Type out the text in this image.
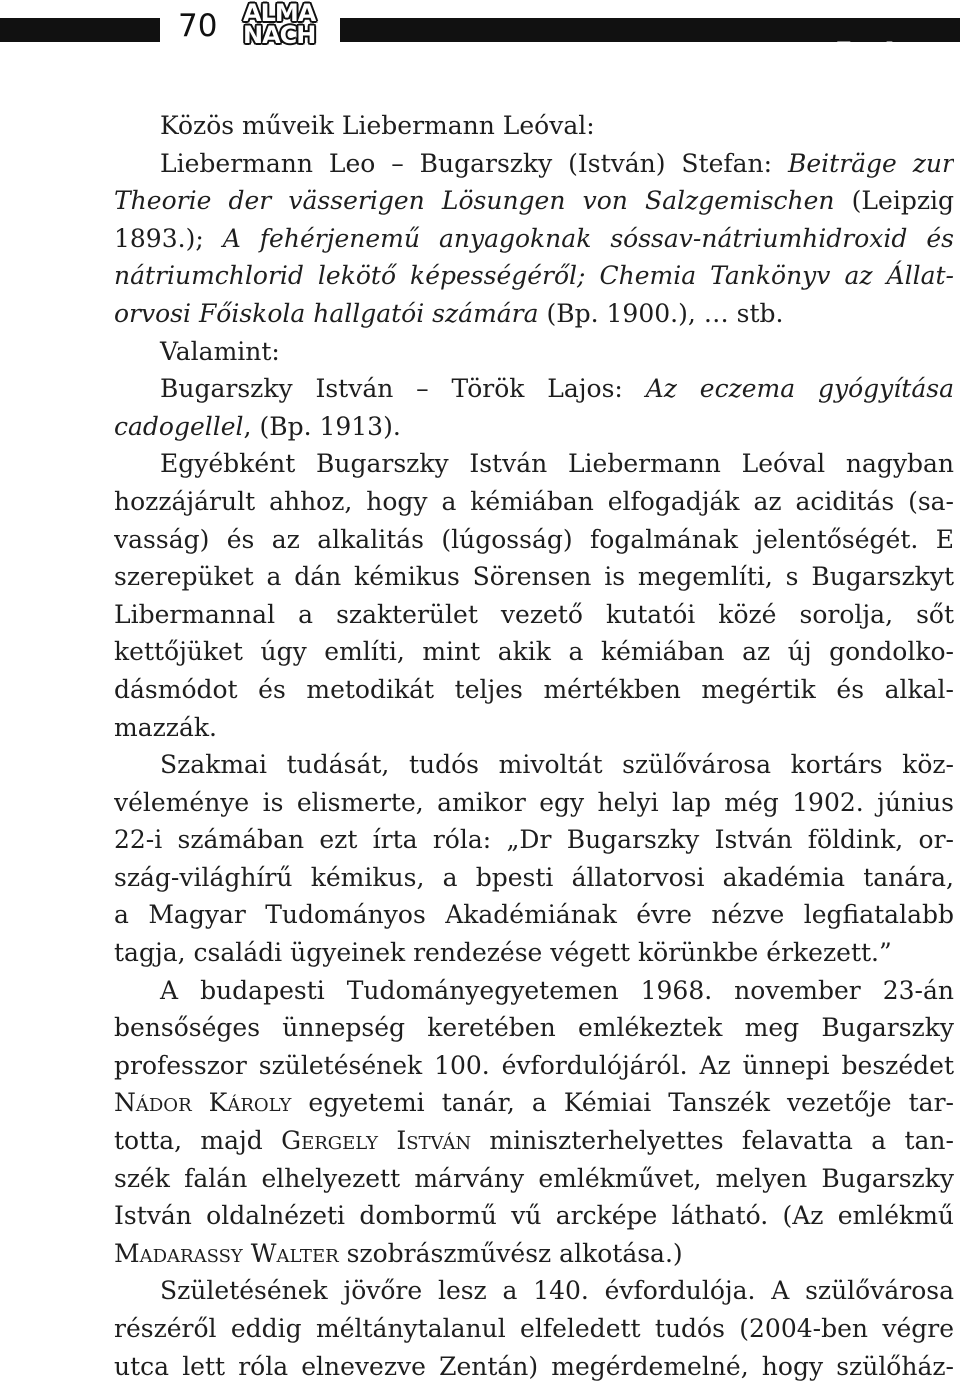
70 ALMA
NACH	Tari László
Közös műveik Liebermann Leóval:
Liebermann Leo – Bugarszky (István) Stefan: Beiträge zur
Theorie der vässerigen Lösungen von Salzgemischen (Leipzig
1893.); A fehérjenemű anyagoknak sóssav-nátriumhidroxid és
nátriumchlorid lekötő képességéről; Chemia Tankönyv az Állat-
orvosi Főiskola hallgatói számára (Bp. 1900.), … stb.
Valamint:
Bugarszky István – Török Lajos: Az eczema gyógyítása
cadogellel, (Bp. 1913).
Egyébként Bugarszky István Liebermann Leóval nagyban
hozzájárult ahhoz, hogy a kémiában elfogadják az aciditás (sa-
vasság) és az alkalitás (lúgosság) fogalmának jelentőségét. E
szerepüket a dán kémikus Sörensen is megemlíti, s Bugarszkyt
Libermannal a szakterület vezető kutatói közé sorolja, sőt
kettőjüket úgy említi, mint akik a kémiában az új gondolko-
dásmódot és metodikát teljes mértékben megértik és alkal-
mazzák.
Szakmai tudását, tudós mivoltát szülővárosa kortárs köz-
véleménye is elismerte, amikor egy helyi lap még 1902. június
22-i számában ezt írta róla: „Dr Bugarszky István földink, or-
szág-világhírű kémikus, a bpesti állatorvosi akadémia tanára,
a Magyar Tudományos Akadémiának évre nézve legfiatalabb
tagja, családi ügyeinek rendezése végett körünkbe érkezett.”
A budapesti Tudományegyetemen 1968. november 23-án
bensőséges ünnepség keretében emlékeztek meg Bugarszky
professzor születésének 100. évfordulójáról. Az ünnepi beszédet
Nádor Károly egyetemi tanár, a Kémiai Tanszék vezetője tar-
totta, majd Gergely István miniszterhelyettes felavatta a tan-
szék falán elhelyezett márvány emlékművet, melyen Bugarszky
István oldalnézeti dombormű vű arcképe látható. (Az emlékmű
Madarassy Walter szobrászművész alkotása.)
Születésének jövőre lesz a 140. évfordulója. A szülővárosa
részéről eddig méltánytalanul elfeledett tudós (2004-ben végre
utca lett róla elnevezve Zentán) megérdemelné, hogy szülőház-
